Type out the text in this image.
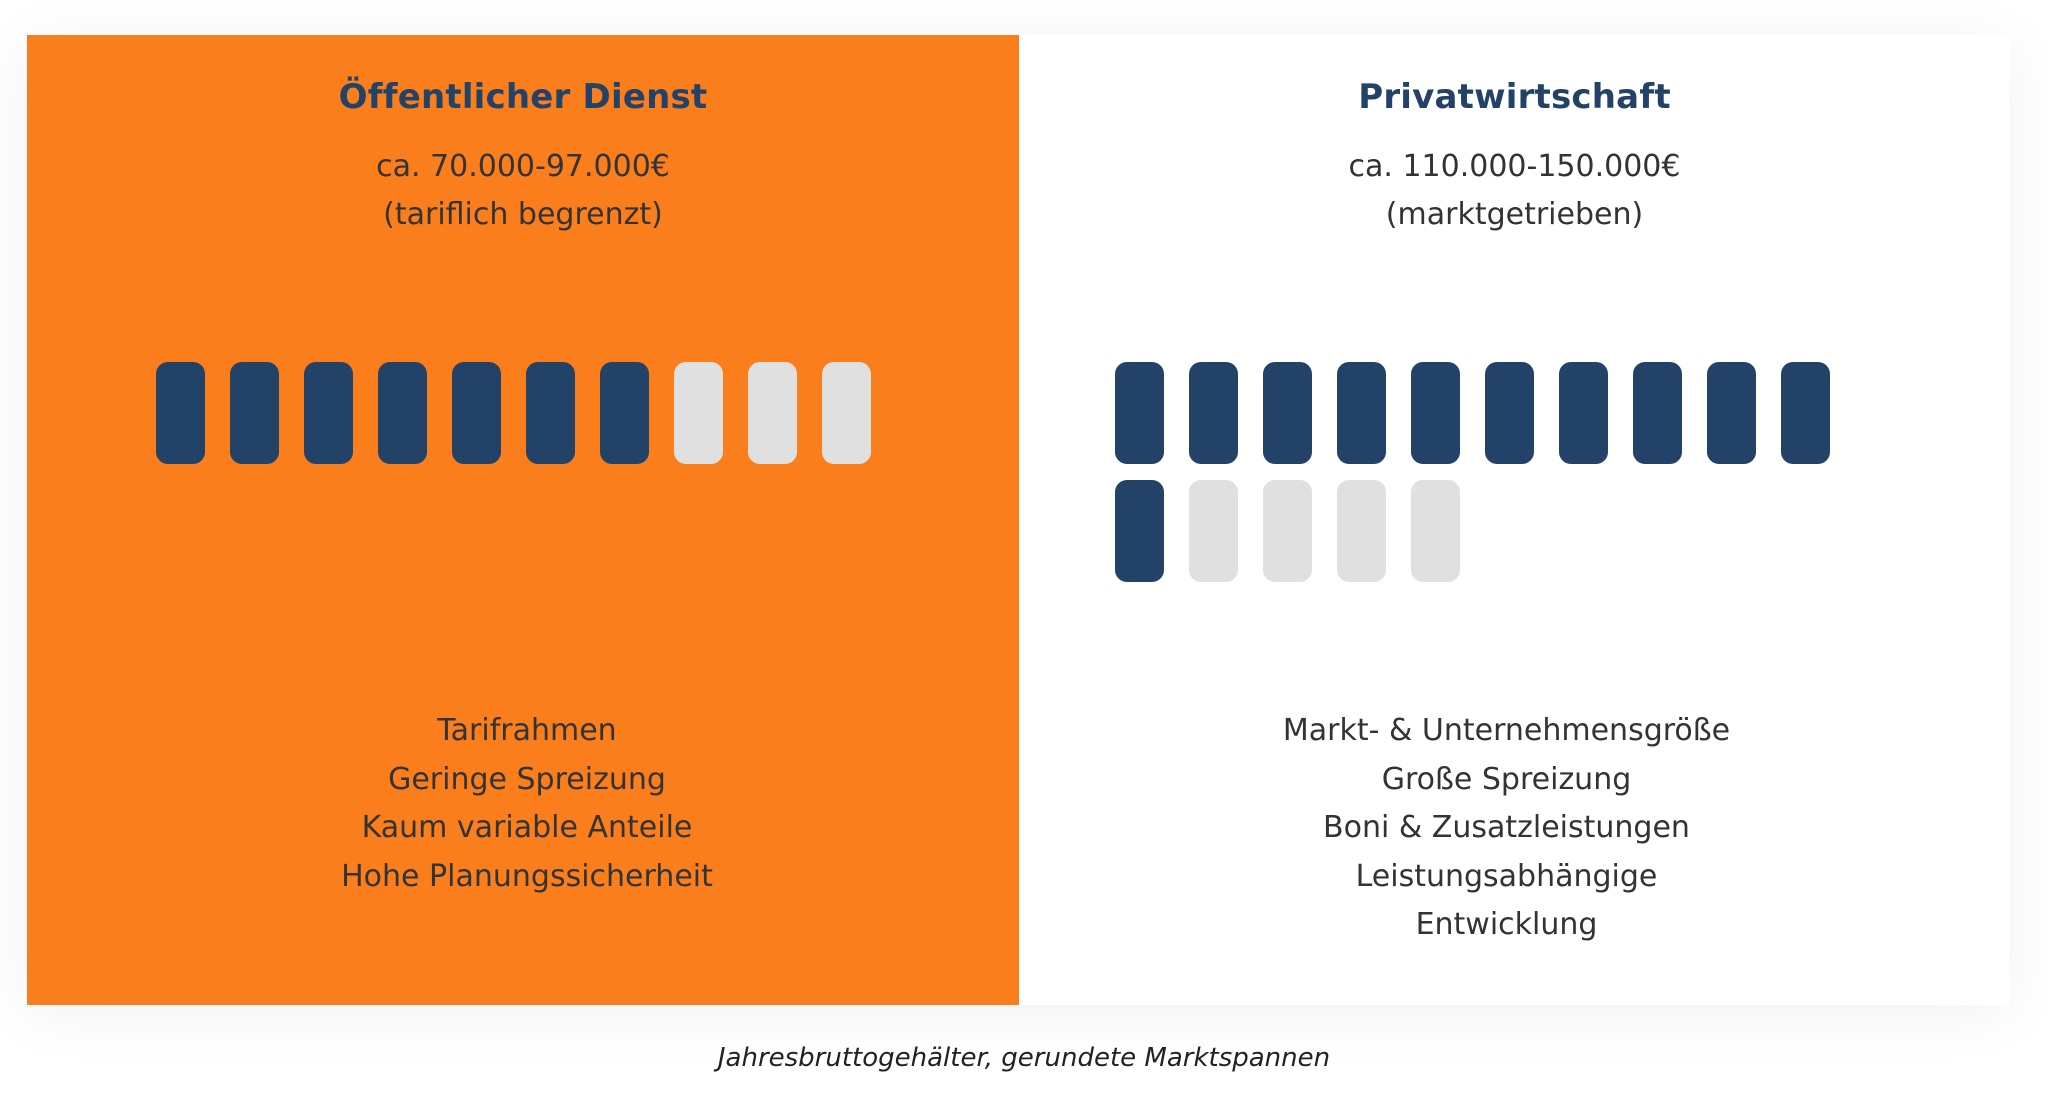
Öffentlicher Dienst
ca. 70.000-97.000€
(tariflich begrenzt)
Tarifrahmen
Geringe Spreizung
Kaum variable Anteile
Hohe Planungssicherheit
Privatwirtschaft
ca. 110.000-150.000€
(marktgetrieben)
Markt- & Unternehmensgröße
Große Spreizung
Boni & Zusatzleistungen
Leistungsabhängige
Entwicklung
Jahresbruttogehälter, gerundete Marktspannen
